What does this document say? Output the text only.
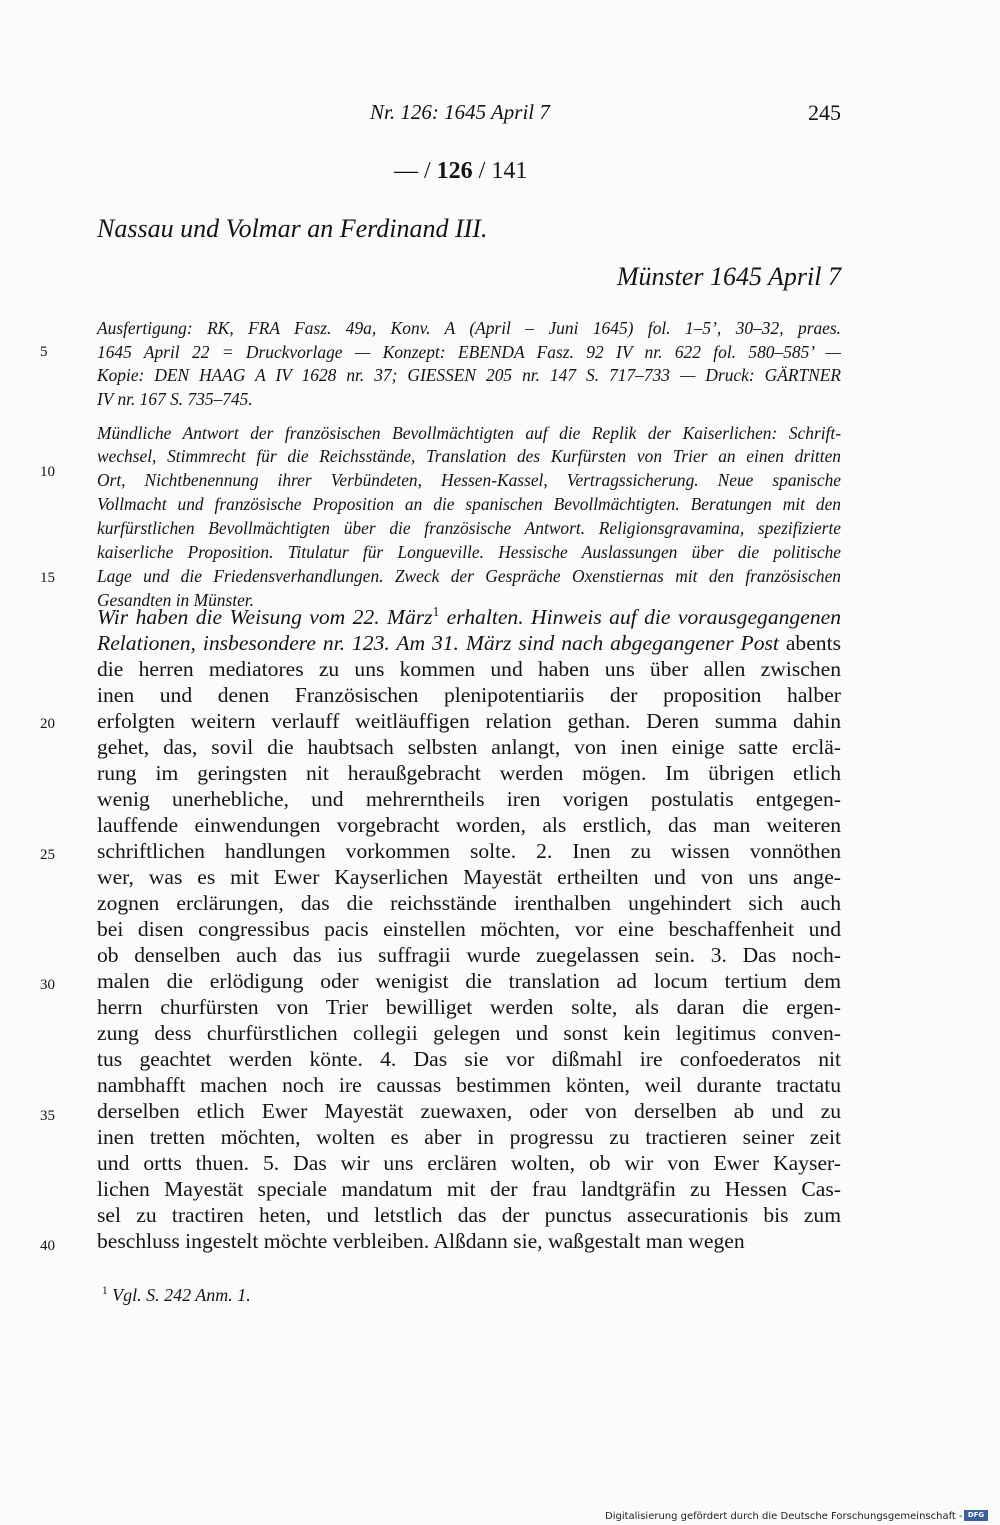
Nr. 126: 1645 April 7	245
— / 126 / 141
Nassau und Volmar an Ferdinand III.
Münster 1645 April 7
Ausfertigung: RK, FRA Fasz. 49a, Konv. A (April – Juni 1645) fol. 1–5’, 30–32, praes.
1645 April 22 = Druckvorlage — Konzept: EBENDA Fasz. 92 IV nr. 622 fol. 580–585’ —
Kopie: DEN HAAG A IV 1628 nr. 37; GIESSEN 205 nr. 147 S. 717–733 — Druck: GÄRTNER
IV nr. 167 S. 735–745.
Mündliche Antwort der französischen Bevollmächtigten auf die Replik der Kaiserlichen: Schrift-
wechsel, Stimmrecht für die Reichsstände, Translation des Kurfürsten von Trier an einen dritten
Ort, Nichtbenennung ihrer Verbündeten, Hessen-Kassel, Vertragssicherung. Neue spanische
Vollmacht und französische Proposition an die spanischen Bevollmächtigten. Beratungen mit den
kurfürstlichen Bevollmächtigten über die französische Antwort. Religionsgravamina, spezifizierte
kaiserliche Proposition. Titulatur für Longueville. Hessische Auslassungen über die politische
Lage und die Friedensverhandlungen. Zweck der Gespräche Oxenstiernas mit den französischen
Gesandten in Münster.
Wir haben die Weisung vom 22. März$^1$ erhalten. Hinweis auf die vorausgegangenen
Relationen, insbesondere nr. 123. Am 31. März sind nach abgegangener Post abents
die herren mediatores zu uns kommen und haben uns über allen zwischen
inen und denen Französischen plenipotentiariis der proposition halber
erfolgten weitern verlauff weitläuffigen relation gethan. Deren summa dahin
gehet, das, sovil die haubtsach selbsten anlangt, von inen einige satte erclä-
rung im geringsten nit heraußgebracht werden mögen. Im übrigen etlich
wenig unerhebliche, und mehrerntheils iren vorigen postulatis entgegen-
lauffende einwendungen vorgebracht worden, als erstlich, das man weiteren
schriftlichen handlungen vorkommen solte. 2. Inen zu wissen vonnöthen
wer, was es mit Ewer Kayserlichen Mayestät ertheilten und von uns ange-
zognen erclärungen, das die reichsstände irenthalben ungehindert sich auch
bei disen congressibus pacis einstellen möchten, vor eine beschaffenheit und
ob denselben auch das ius suffragii wurde zuegelassen sein. 3. Das noch-
malen die erlödigung oder wenigist die translation ad locum tertium dem
herrn churfürsten von Trier bewilliget werden solte, als daran die ergen-
zung dess churfürstlichen collegii gelegen und sonst kein legitimus conven-
tus geachtet werden könte. 4. Das sie vor dißmahl ire confoederatos nit
nambhafft machen noch ire caussas bestimmen könten, weil durante tractatu
derselben etlich Ewer Mayestät zuewaxen, oder von derselben ab und zu
inen tretten möchten, wolten es aber in progressu zu tractieren seiner zeit
und ortts thuen. 5. Das wir uns erclären wolten, ob wir von Ewer Kayser-
lichen Mayestät speciale mandatum mit der frau landtgräfin zu Hessen Cas-
sel zu tractiren heten, und letstlich das der punctus assecurationis bis zum
beschluss ingestelt möchte verbleiben. Alßdann sie, waßgestalt man wegen
5
10
15
20
25
30
35
40
$^1$ Vgl. S. 242 Anm. 1.
Digitalisierung gefördert durch die Deutsche Forschungsgemeinschaft - DFG
